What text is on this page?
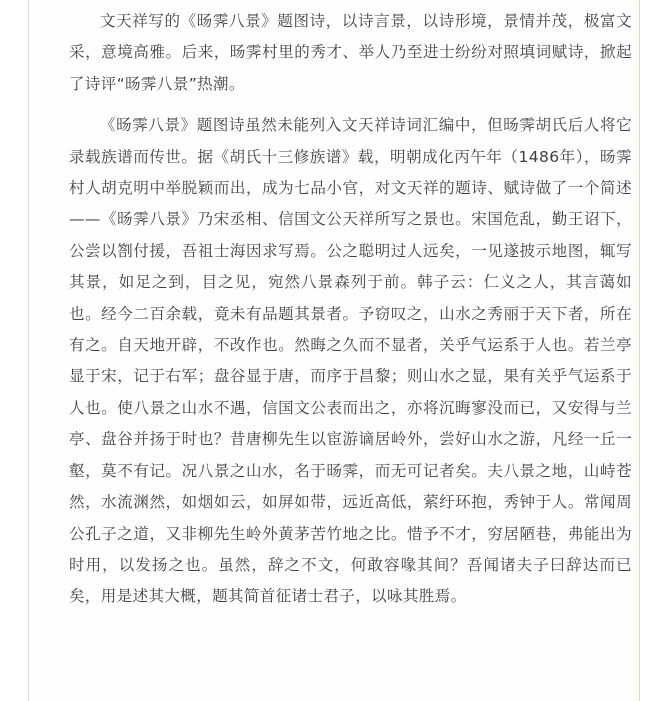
文天祥写的《旸霁八景》题图诗，以诗言景，以诗形境，景情并茂，极富文采，意境高雅。后来，旸霁村里的秀才、举人乃至进士纷纷对照填词赋诗，掀起了诗评“旸霁八景”热潮。

《旸霁八景》题图诗虽然未能列入文天祥诗词汇编中，但旸霁胡氏后人将它录载族谱而传世。据《胡氏十三修族谱》载，明朝成化丙午年（1486年），旸霁村人胡克明中举脱颖而出，成为七品小官，对文天祥的题诗、赋诗做了一个简述——《旸霁八景》乃宋丞相、信国文公天祥所写之景也。宋国危乱，勤王诏下，公尝以劄付援，吾祖士海因求写焉。公之聪明过人远矣，一见遂披示地图，辄写其景，如足之到，目之见，宛然八景森列于前。韩子云：仁义之人，其言蔼如也。经今二百余载，竟未有品题其景者。予窃叹之，山水之秀丽于天下者，所在有之。自天地开辟，不改作也。然晦之久而不显者，关乎气运系于人也。若兰亭显于宋，记于右军；盘谷显于唐，而序于昌黎；则山水之显，果有关乎气运系于人也。使八景之山水不遇，信国文公表而出之，亦将沉晦寥没而已，又安得与兰亭、盘谷并扬于时也？昔唐柳先生以宦游谪居岭外，尝好山水之游，凡经一丘一壑，莫不有记。况八景之山水，名于旸霁，而无可记者矣。夫八景之地，山峙苍然，水流渊然，如烟如云，如屏如带，远近高低，萦纡环抱，秀钟于人。常闻周公孔子之道，又非柳先生岭外黄茅苦竹地之比。惜予不才，穷居陋巷，弗能出为时用，以发扬之也。虽然，辞之不文，何敢容喙其间？吾闻诸夫子曰辞达而已矣，用是述其大概，题其简首征诸士君子，以咏其胜焉。
